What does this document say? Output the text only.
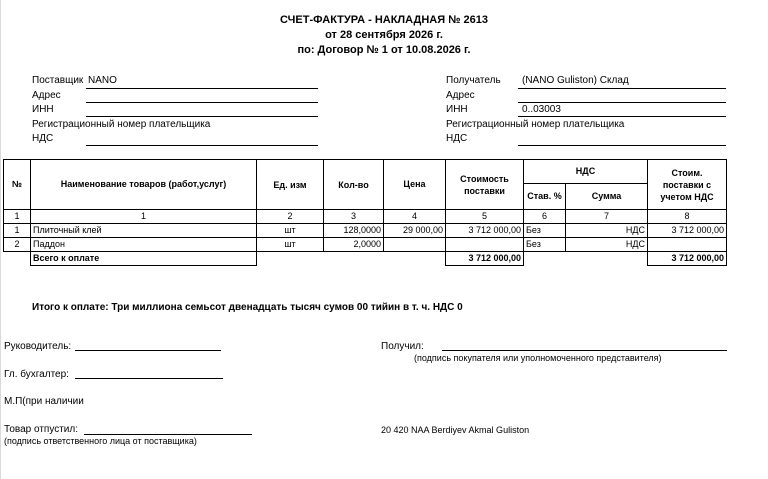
СЧЕТ-ФАКТУРА - НАКЛАДНАЯ № 2613
от 28 сентября 2026 г.
по: Договор № 1 от 10.08.2026 г.
Поставщик NANO
Адрес
ИНН
Регистрационный номер плательщика
НДС
Получатель (NANO Guliston) Склад
Адрес
ИНН	0..03003
Регистрационный номер плательщика
НДС
№	Наименование товаров (работ,услуг)	Ед. изм	Кол-во	Цена	Стоимость поставки	НДС		Стоим. поставки с учетом НДС
						Став. %	Сумма	
1	1	2	3	4	5	6	7	8
1	Плиточный клей	шт	128,0000	29 000,00	3 712 000,00	Без	НДС	3 712 000,00
2	Паддон	шт	2,0000			Без	НДС	
	Всего к оплате				3 712 000,00			3 712 000,00
Итого к оплате: Три миллиона семьсот двенадцать тысяч сумов 00 тийин в т. ч. НДС 0
Руководитель:
Гл. бухгалтер:
М.П(при наличии
Товар отпустил:
(подпись ответственного лица от поставщика)
Получил:
(подпись покупателя или уполномоченного представителя)
20 420 NAA Berdiyev Akmal Guliston
